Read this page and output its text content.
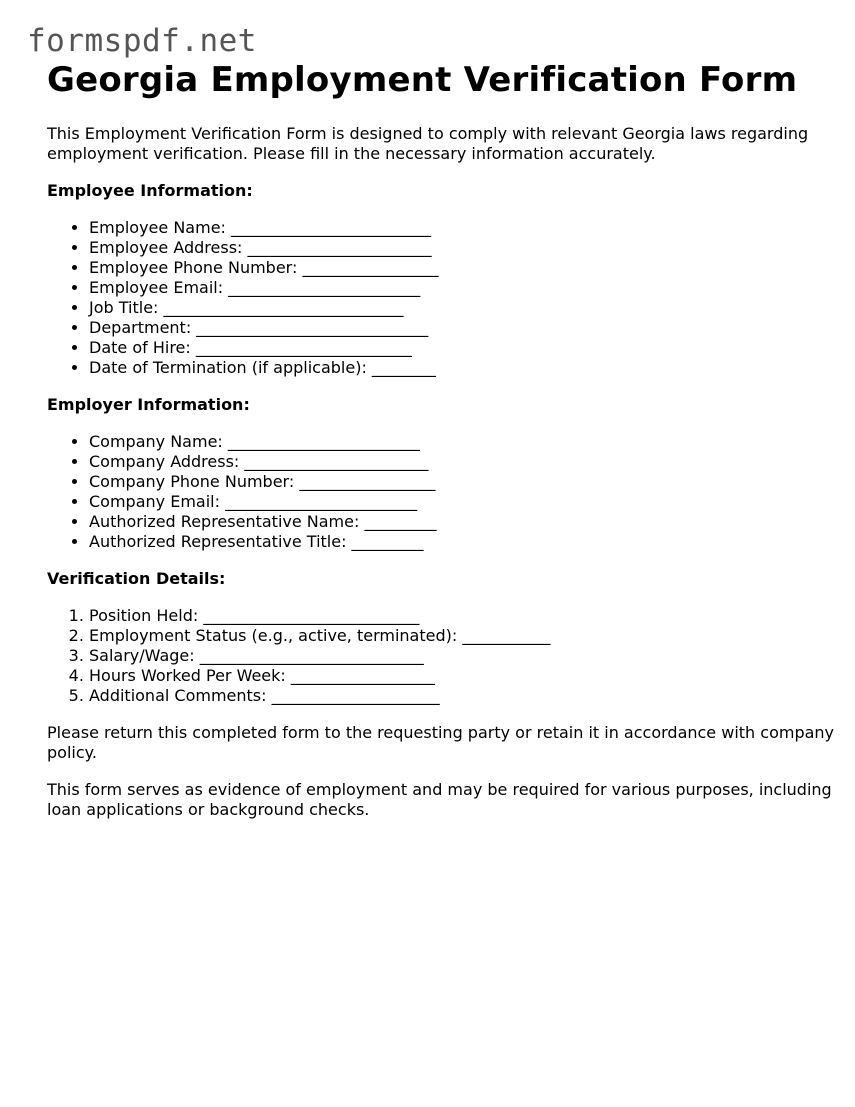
formspdf.net
Georgia Employment Verification Form

This Employment Verification Form is designed to comply with relevant Georgia laws regarding employment verification. Please fill in the necessary information accurately.

Employee Information:
• Employee Name: _________________________
• Employee Address: _______________________
• Employee Phone Number: _________________
• Employee Email: ________________________
• Job Title: ______________________________
• Department: _____________________________
• Date of Hire: ___________________________
• Date of Termination (if applicable): ________
Employer Information:
• Company Name: ________________________
• Company Address: _______________________
• Company Phone Number: _________________
• Company Email: ________________________
• Authorized Representative Name: _________
• Authorized Representative Title: _________
Verification Details:
1. Position Held: ___________________________
2. Employment Status (e.g., active, terminated): ___________
3. Salary/Wage: ____________________________
4. Hours Worked Per Week: __________________
5. Additional Comments: _____________________

Please return this completed form to the requesting party or retain it in accordance with company policy.

This form serves as evidence of employment and may be required for various purposes, including loan applications or background checks.
